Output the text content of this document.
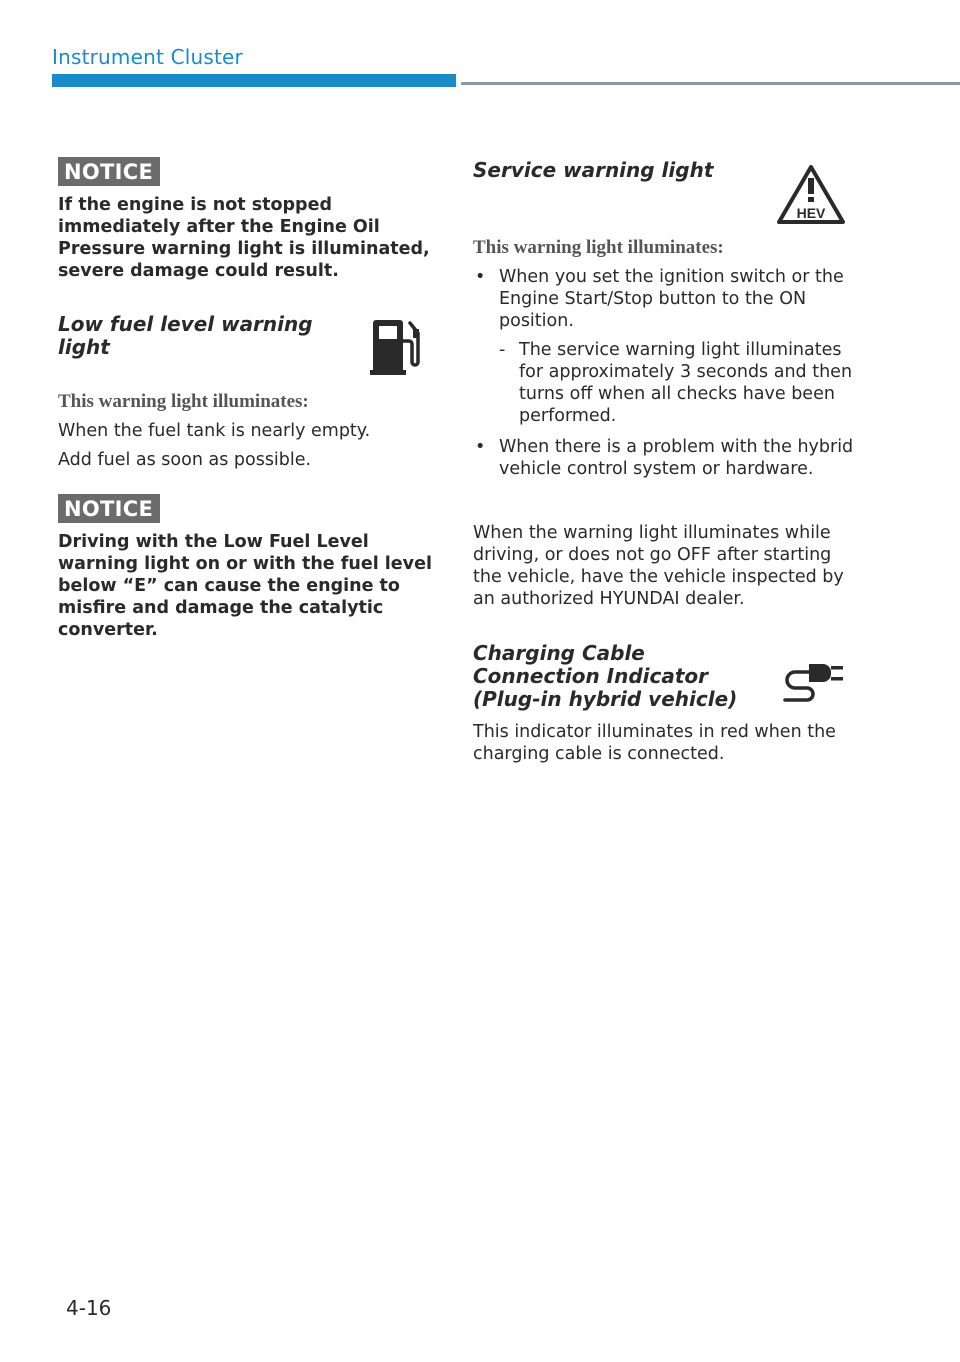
Instrument Cluster
NOTICE
If the engine is not stopped immediately after the Engine Oil Pressure warning light is illuminated, severe damage could result.
Low fuel level warning light
This warning light illuminates:
When the fuel tank is nearly empty.
Add fuel as soon as possible.
NOTICE
Driving with the Low Fuel Level warning light on or with the fuel level below “E” can cause the engine to misfire and damage the catalytic converter.
Service warning light
HEV
This warning light illuminates:
• When you set the ignition switch or the Engine Start/Stop button to the ON position.
- The service warning light illuminates for approximately 3 seconds and then turns off when all checks have been performed.
• When there is a problem with the hybrid vehicle control system or hardware.
When the warning light illuminates while driving, or does not go OFF after starting the vehicle, have the vehicle inspected by an authorized HYUNDAI dealer.
Charging Cable Connection Indicator (Plug-in hybrid vehicle)
This indicator illuminates in red when the charging cable is connected.
4-16
